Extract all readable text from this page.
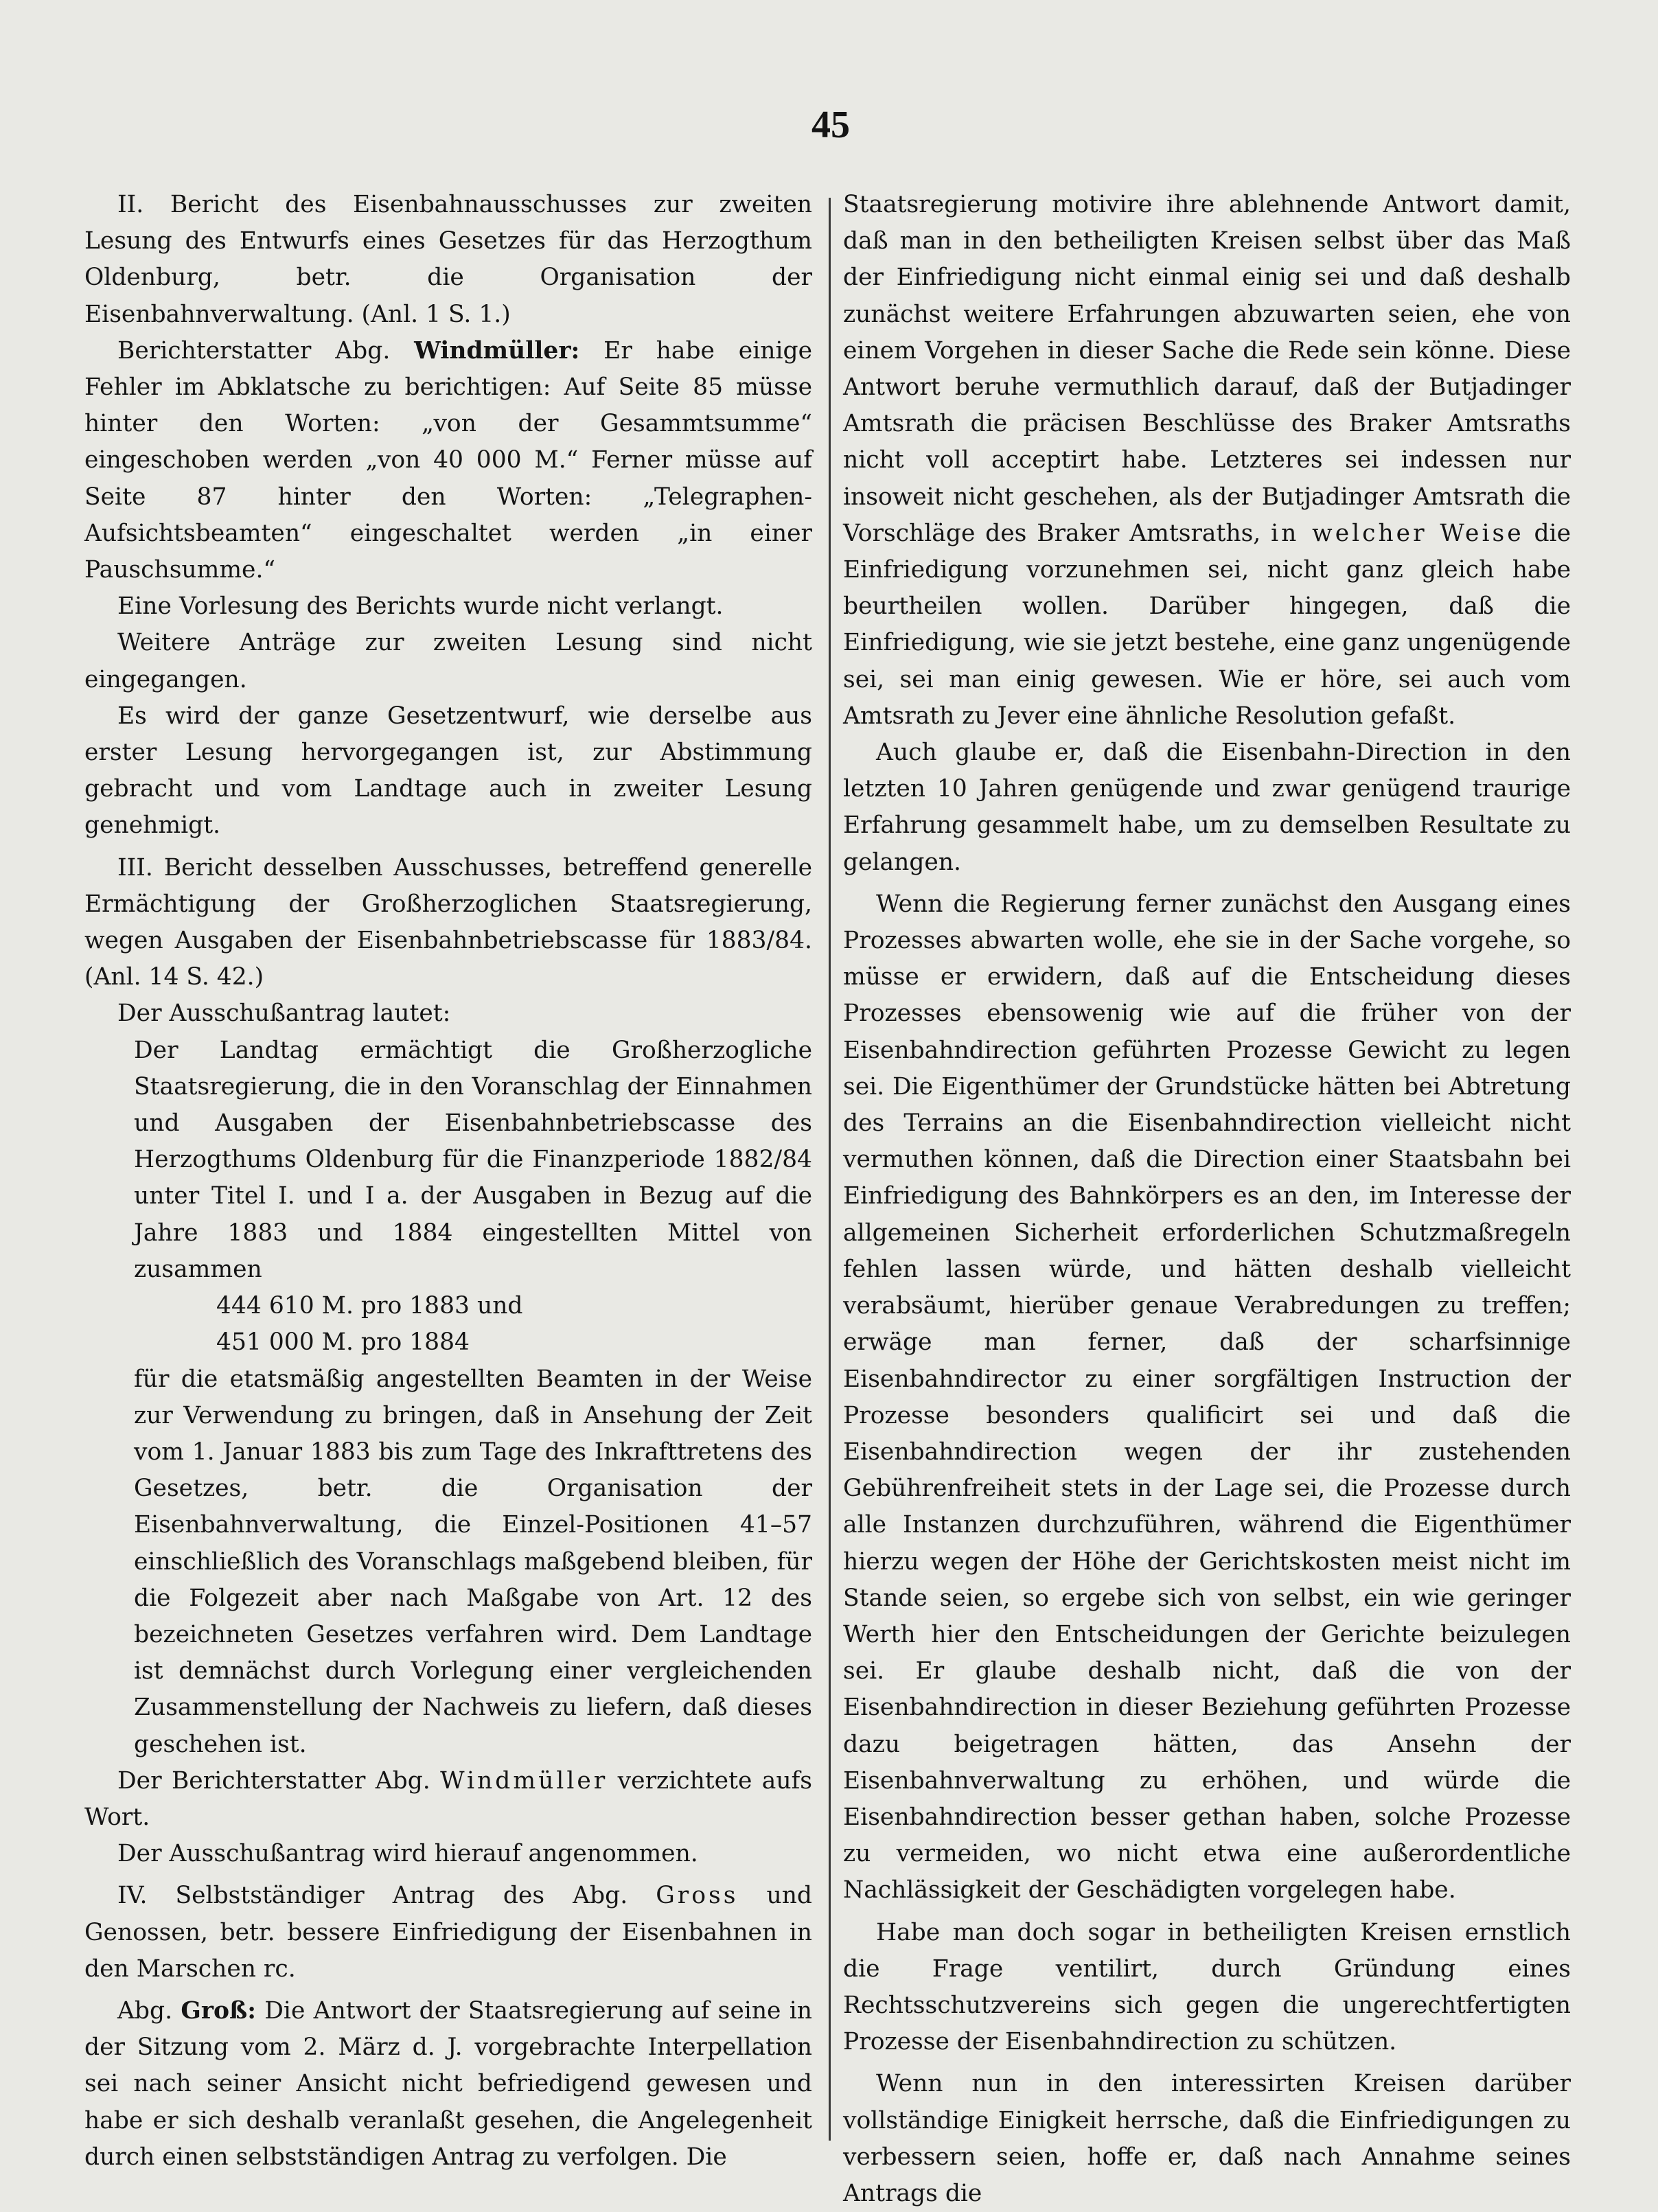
45

II. Bericht des Eisenbahnausschusses zur zweiten Lesung des Entwurfs eines Gesetzes für das Herzogthum Oldenburg, betr. die Organisation der Eisenbahnverwaltung. (Anl. 1 S. 1.)

Berichterstatter Abg. Windmüller: Er habe einige Fehler im Abklatsche zu berichtigen: Auf Seite 85 müsse hinter den Worten: „von der Gesammtsumme“ eingeschoben werden „von 40 000 M.“ Ferner müsse auf Seite 87 hinter den Worten: „Telegraphen-Aufsichtsbeamten“ eingeschaltet werden „in einer Pauschsumme.“

Eine Vorlesung des Berichts wurde nicht verlangt.

Weitere Anträge zur zweiten Lesung sind nicht eingegangen.

Es wird der ganze Gesetzentwurf, wie derselbe aus erster Lesung hervorgegangen ist, zur Abstimmung gebracht und vom Landtage auch in zweiter Lesung genehmigt.

III. Bericht desselben Ausschusses, betreffend generelle Ermächtigung der Großherzoglichen Staatsregierung, wegen Ausgaben der Eisenbahnbetriebscasse für 1883/84. (Anl. 14 S. 42.)

Der Ausschußantrag lautet:

Der Landtag ermächtigt die Großherzogliche Staatsregierung, die in den Voranschlag der Einnahmen und Ausgaben der Eisenbahnbetriebscasse des Herzogthums Oldenburg für die Finanzperiode 1882/84 unter Titel I. und I a. der Ausgaben in Bezug auf die Jahre 1883 und 1884 eingestellten Mittel von zusammen

444 610 M. pro 1883 und
451 000 M. pro 1884

für die etatsmäßig angestellten Beamten in der Weise zur Verwendung zu bringen, daß in Ansehung der Zeit vom 1. Januar 1883 bis zum Tage des Inkrafttretens des Gesetzes, betr. die Organisation der Eisenbahnverwaltung, die Einzel-Positionen 41–57 einschließlich des Voranschlags maßgebend bleiben, für die Folgezeit aber nach Maßgabe von Art. 12 des bezeichneten Gesetzes verfahren wird. Dem Landtage ist demnächst durch Vorlegung einer vergleichenden Zusammenstellung der Nachweis zu liefern, daß dieses geschehen ist.

Der Berichterstatter Abg. Windmüller verzichtete aufs Wort.

Der Ausschußantrag wird hierauf angenommen.

IV. Selbstständiger Antrag des Abg. Gross und Genossen, betr. bessere Einfriedigung der Eisenbahnen in den Marschen rc.

Abg. Groß: Die Antwort der Staatsregierung auf seine in der Sitzung vom 2. März d. J. vorgebrachte Interpellation sei nach seiner Ansicht nicht befriedigend gewesen und habe er sich deshalb veranlaßt gesehen, die Angelegenheit durch einen selbstständigen Antrag zu verfolgen. Die

Staatsregierung motivire ihre ablehnende Antwort damit, daß man in den betheiligten Kreisen selbst über das Maß der Einfriedigung nicht einmal einig sei und daß deshalb zunächst weitere Erfahrungen abzuwarten seien, ehe von einem Vorgehen in dieser Sache die Rede sein könne. Diese Antwort beruhe vermuthlich darauf, daß der Butjadinger Amtsrath die präcisen Beschlüsse des Braker Amtsraths nicht voll acceptirt habe. Letzteres sei indessen nur insoweit nicht geschehen, als der Butjadinger Amtsrath die Vorschläge des Braker Amtsraths, in welcher Weise die Einfriedigung vorzunehmen sei, nicht ganz gleich habe beurtheilen wollen. Darüber hingegen, daß die Einfriedigung, wie sie jetzt bestehe, eine ganz ungenügende sei, sei man einig gewesen. Wie er höre, sei auch vom Amtsrath zu Jever eine ähnliche Resolution gefaßt.

Auch glaube er, daß die Eisenbahn-Direction in den letzten 10 Jahren genügende und zwar genügend traurige Erfahrung gesammelt habe, um zu demselben Resultate zu gelangen.

Wenn die Regierung ferner zunächst den Ausgang eines Prozesses abwarten wolle, ehe sie in der Sache vorgehe, so müsse er erwidern, daß auf die Entscheidung dieses Prozesses ebensowenig wie auf die früher von der Eisenbahndirection geführten Prozesse Gewicht zu legen sei. Die Eigenthümer der Grundstücke hätten bei Abtretung des Terrains an die Eisenbahndirection vielleicht nicht vermuthen können, daß die Direction einer Staatsbahn bei Einfriedigung des Bahnkörpers es an den, im Interesse der allgemeinen Sicherheit erforderlichen Schutzmaßregeln fehlen lassen würde, und hätten deshalb vielleicht verabsäumt, hierüber genaue Verabredungen zu treffen; erwäge man ferner, daß der scharfsinnige Eisenbahndirector zu einer sorgfältigen Instruction der Prozesse besonders qualificirt sei und daß die Eisenbahndirection wegen der ihr zustehenden Gebührenfreiheit stets in der Lage sei, die Prozesse durch alle Instanzen durchzuführen, während die Eigenthümer hierzu wegen der Höhe der Gerichtskosten meist nicht im Stande seien, so ergebe sich von selbst, ein wie geringer Werth hier den Entscheidungen der Gerichte beizulegen sei. Er glaube deshalb nicht, daß die von der Eisenbahndirection in dieser Beziehung geführten Prozesse dazu beigetragen hätten, das Ansehn der Eisenbahnverwaltung zu erhöhen, und würde die Eisenbahndirection besser gethan haben, solche Prozesse zu vermeiden, wo nicht etwa eine außerordentliche Nachlässigkeit der Geschädigten vorgelegen habe.

Habe man doch sogar in betheiligten Kreisen ernstlich die Frage ventilirt, durch Gründung eines Rechtsschutzvereins sich gegen die ungerechtfertigten Prozesse der Eisenbahndirection zu schützen.

Wenn nun in den interessirten Kreisen darüber vollständige Einigkeit herrsche, daß die Einfriedigungen zu verbessern seien, hoffe er, daß nach Annahme seines Antrags die
